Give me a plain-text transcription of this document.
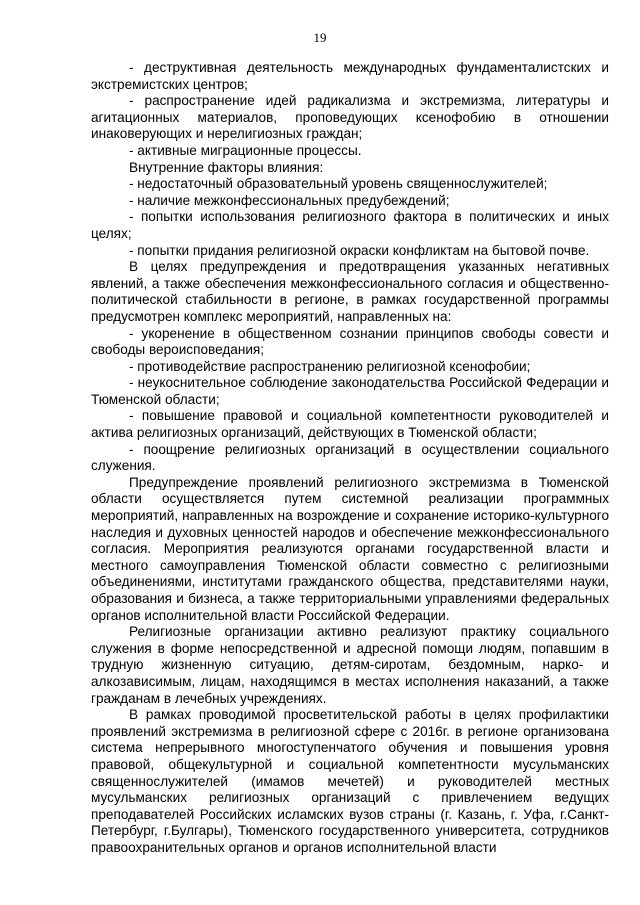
19

- деструктивная деятельность международных фундаменталистских и экстремистских центров;

- распространение идей радикализма и экстремизма, литературы и агитационных материалов, проповедующих ксенофобию в отношении инаковерующих и нерелигиозных граждан;

- активные миграционные процессы.

Внутренние факторы влияния:

- недостаточный образовательный уровень священнослужителей;

- наличие межконфессиональных предубеждений;

- попытки использования религиозного фактора в политических и иных целях;

- попытки придания религиозной окраски конфликтам на бытовой почве.

В целях предупреждения и предотвращения указанных негативных явлений, а также обеспечения межконфессионального согласия и общественно-политической стабильности в регионе, в рамках государственной программы предусмотрен комплекс мероприятий, направленных на:

- укоренение в общественном сознании принципов свободы совести и свободы вероисповедания;

- противодействие распространению религиозной ксенофобии;

- неукоснительное соблюдение законодательства Российской Федерации и Тюменской области;

- повышение правовой и социальной компетентности руководителей и актива религиозных организаций, действующих в Тюменской области;

- поощрение религиозных организаций в осуществлении социального служения.

Предупреждение проявлений религиозного экстремизма в Тюменской области осуществляется путем системной реализации программных мероприятий, направленных на возрождение и сохранение историко-культурного наследия и духовных ценностей народов и обеспечение межконфессионального согласия. Мероприятия реализуются органами государственной власти и местного самоуправления Тюменской области совместно с религиозными объединениями, институтами гражданского общества, представителями науки, образования и бизнеса, а также территориальными управлениями федеральных органов исполнительной власти Российской Федерации.

Религиозные организации активно реализуют практику социального служения в форме непосредственной и адресной помощи людям, попавшим в трудную жизненную ситуацию, детям-сиротам, бездомным, нарко- и алкозависимым, лицам, находящимся в местах исполнения наказаний, а также гражданам в лечебных учреждениях.

В рамках проводимой просветительской работы в целях профилактики проявлений экстремизма в религиозной сфере с 2016г. в регионе организована система непрерывного многоступенчатого обучения и повышения уровня правовой, общекультурной и социальной компетентности мусульманских священнослужителей (имамов мечетей) и руководителей местных мусульманских религиозных организаций с привлечением ведущих преподавателей Российских исламских вузов страны (г. Казань, г. Уфа, г.Санкт-Петербург, г.Булгары), Тюменского государственного университета, сотрудников правоохранительных органов и органов исполнительной власти
